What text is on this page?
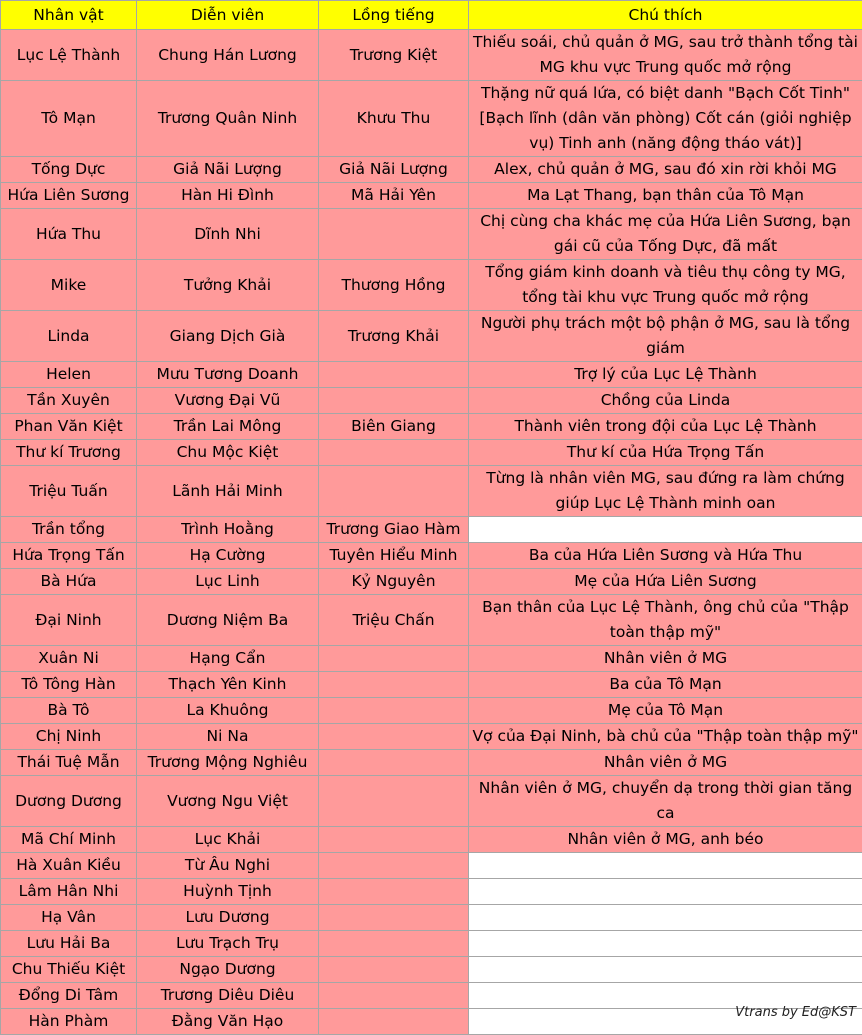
Nhân vật	Diễn viên	Lồng tiếng	Chú thích
Lục Lệ Thành	Chung Hán Lương	Trương Kiệt	Thiếu soái, chủ quản ở MG, sau trở thành tổng tài MG khu vực Trung quốc mở rộng
Tô Mạn	Trương Quân Ninh	Khưu Thu	Thặng nữ quá lứa, có biệt danh "Bạch Cốt Tinh" [Bạch lĩnh (dân văn phòng) Cốt cán (giỏi nghiệp vụ) Tinh anh (năng động tháo vát)]
Tống Dực	Giả Nãi Lượng	Giả Nãi Lượng	Alex, chủ quản ở MG, sau đó xin rời khỏi MG
Hứa Liên Sương	Hàn Hi Đình	Mã Hải Yên	Ma Lạt Thang, bạn thân của Tô Mạn
Hứa Thu	Dĩnh Nhi		Chị cùng cha khác mẹ của Hứa Liên Sương, bạn gái cũ của Tống Dực, đã mất
Mike	Tưởng Khải	Thương Hồng	Tổng giám kinh doanh và tiêu thụ công ty MG, tổng tài khu vực Trung quốc mở rộng
Linda	Giang Dịch Già	Trương Khải	Người phụ trách một bộ phận ở MG, sau là tổng giám
Helen	Mưu Tương Doanh		Trợ lý của Lục Lệ Thành
Tần Xuyên	Vương Đại Vũ		Chồng của Linda
Phan Văn Kiệt	Trần Lai Mông	Biên Giang	Thành viên trong đội của Lục Lệ Thành
Thư kí Trương	Chu Mộc Kiệt		Thư kí của Hứa Trọng Tấn
Triệu Tuấn	Lãnh Hải Minh		Từng là nhân viên MG, sau đứng ra làm chứng giúp Lục Lệ Thành minh oan
Trần tổng	Trình Hoằng	Trương Giao Hàm	
Hứa Trọng Tấn	Hạ Cường	Tuyên Hiểu Minh	Ba của Hứa Liên Sương và Hứa Thu
Bà Hứa	Lục Linh	Kỷ Nguyên	Mẹ của Hứa Liên Sương
Đại Ninh	Dương Niệm Ba	Triệu Chấn	Bạn thân của Lục Lệ Thành, ông chủ của "Thập toàn thập mỹ"
Xuân Ni	Hạng Cẩn		Nhân viên ở MG
Tô Tông Hàn	Thạch Yên Kinh		Ba của Tô Mạn
Bà Tô	La Khuông		Mẹ của Tô Mạn
Chị Ninh	Ni Na		Vợ của Đại Ninh, bà chủ của "Thập toàn thập mỹ"
Thái Tuệ Mẫn	Trương Mộng Nghiêu		Nhân viên ở MG
Dương Dương	Vương Ngu Việt		Nhân viên ở MG, chuyển dạ trong thời gian tăng ca
Mã Chí Minh	Lục Khải		Nhân viên ở MG, anh béo
Hà Xuân Kiều	Từ Âu Nghi		
Lâm Hân Nhi	Huỳnh Tịnh		
Hạ Vân	Lưu Dương		
Lưu Hải Ba	Lưu Trạch Trụ		
Chu Thiếu Kiệt	Ngạo Dương		
Đổng Di Tâm	Trương Diêu Diêu		
Hàn Phàm	Đằng Văn Hạo			Vtrans by Ed@KST
